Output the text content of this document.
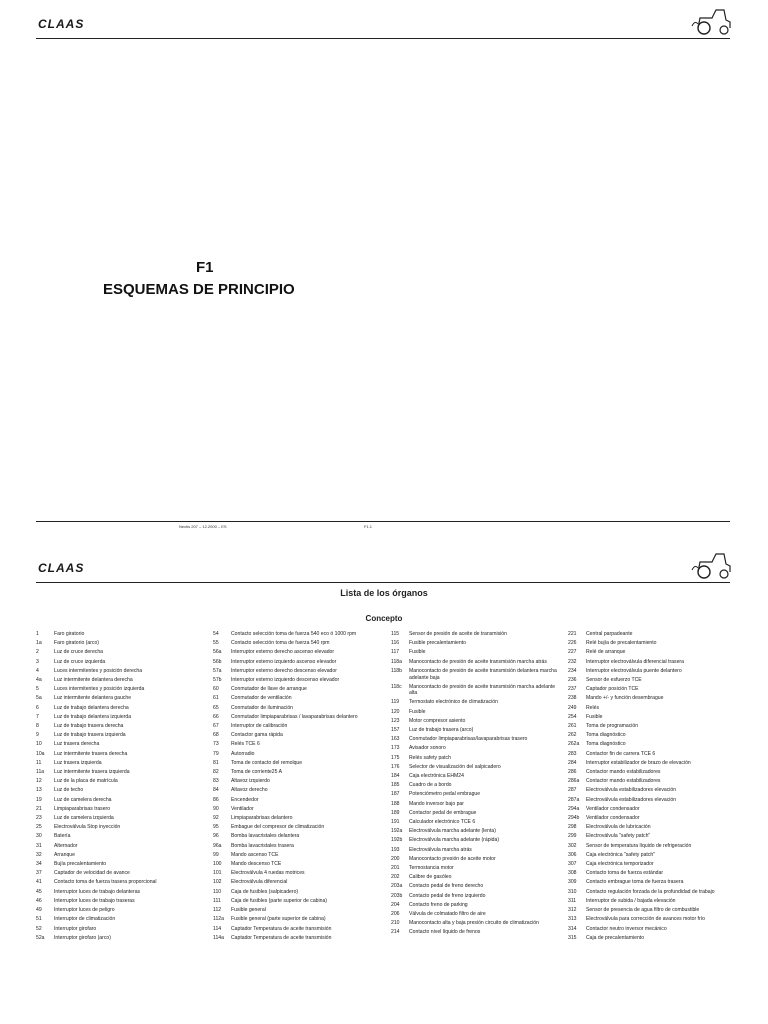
CLAAS
F1
ESQUEMAS DE PRINCIPIO
Nectis 207 – 12.2000 – ES	F1.1
CLAAS
Lista de los órganos
Concepto
1	Faro giratorio
1a	Faro giratorio (arco)
2	Luz de cruce derecha
3	Luz de cruce izquierda
4	Luces intermitentes y posición derecha
4a	Luz intermitente delantera derecha
5	Luces intermitentes y posición izquierda
5a	Luz intermitente delantera gauche
6	Luz de trabajo delantera derecha
7	Luz de trabajo delantera izquierda
8	Luz de trabajo trasera derecha
9	Luz de trabajo trasera izquierda
10	Luz trasera derecha
10a	Luz intermitente trasera derecha
11	Luz trasera izquierda
11a	Luz intermitente trasera izquierda
12	Luz de la placa de matrícula
13	Luz de techo
19	Luz de camelera derecha
21	Limpiaparabrisas trasero
23	Luz de camelera izquierda
25	Electroválvula Stop inyección
30	Batería
31	Alternador
32	Arranque
34	Bujía precalentamiento
37	Captador de velocidad de avance
41	Contacto toma de fuerza trasera proporcional
45	Interruptor luces de trabajo delanteras
46	Interruptor luces de trabajo traseras
49	Interruptor luces de peligro
51	Interruptor de climatización
52	Interruptor girofaro
52a	Interruptor girofaro (arco)
54	Contacto selección toma de fuerza 540 eco ó 1000 rpm
55	Contacto selección toma de fuerza 540 rpm
56a	Interruptor externo derecho ascenso elevador
56b	Interruptor externo izquierdo ascenso elevador
57a	Interruptor externo derecho descenso elevador
57b	Interruptor externo izquierdo descenso elevador
60	Conmutador de llave de arranque
61	Conmutador de ventilación
65	Conmutador de iluminación
66	Conmutador limpiaparabrisas / lavaparabrisas delantero
67	Interruptor de calibración
68	Contactor gama rápida
73	Relés TCE 6
79	Autorradio
81	Toma de contacto del remolque
82	Toma de corriente25 A
83	Altavoz izquierdo
84	Altavoz derecho
86	Encendedor
90	Ventilador
92	Limpiaparabrisas delantero
95	Embague del compresor de climatización
96	Bomba lavacristales delantera
96a	Bomba lavacristales trasera
99	Mando ascenso TCE
100	Mando descenso TCE
101	Electroválvula 4 ruedas motrices
102	Electroválvula diferencial
110	Caja de fusibles (salpicadero)
111	Caja de fusibles (parte superior de cabina)
112	Fusible general
112a	Fusible general (parte superior de cabina)
114	Captador Temperatura de aceite transmisión
114a	Captador Temperatura de aceite transmisión
115	Sensor de presión de aceite de transmisión
116	Fusible precalentamiento
117	Fusible
118a	Manocontacto de presión de aceite transmisión marcha atrás
118b	Manocontacto de presión de aceite transmisión delantera marcha adelante baja
118c	Manocontacto de presión de aceite transmisión marcha adelante alta
119	Termostato electrónico de climatización
120	Fusible
123	Motor compresor asiento
157	Luz de trabajo trasera (arco)
163	Conmutador limpiaparabrisas/lavaparabrisas trasero
173	Avisador sonoro
175	Relés safety patch
176	Selector de visualización del salpicadero
184	Caja electrónica EHM24
185	Cuadro de a bordo
187	Potenciómetro pedal embrague
188	Mando inversor bajo par
189	Contactor pedal de embrague
191	Calculador electrónico TCE 6
192a	Electroválvula marcha adelante (lenta)
192b	Electroválvula marcha adelante (rápida)
193	Electroválvula marcha atrás
200	Manocontacto presión de aceite motor
201	Termostancia motor
202	Calibre de gasóleo
203a	Contacto pedal de freno derecho
203b	Contacto pedal de freno izquierdo
204	Contacto freno de parking
206	Válvula de colmatado filtro de aire
210	Manocontacto alta y baja presión circuito de climatización
214	Contacto nivel líquido de frenos
221	Central parpadeante
226	Relé bujía de precalentamiento
227	Relé de arranque
232	Interruptor electroválvula diferencial trasera
234	Interruptor electroválvula puente delantero
236	Sensor de esfuerzo TCE
237	Captador posición TCE
238	Mando +/- y función desembrague
249	Relés
254	Fusible
261	Toma de programación
262	Toma diagnóstico
262a	Toma diagnóstico
283	Contactor fin de carrera TCE 6
284	Interruptor estabilizador de brazo de elevación
286	Contactor mando estabilizadores
286a	Contactor mando estabilizadores
287	Electroválvula estabilizadores elevación
287a	Electroválvula estabilizadores elevación
294a	Ventilador condensador
294b	Ventilador condensador
298	Electroválvula de lubricación
299	Electroválvula "safety patch"
302	Sensor de temperatura líquido de refrigeración
306	Caja electrónica "safety patch"
307	Caja electrónica temporizador
308	Contacto toma de fuerza estándar
309	Contacto embrague toma de fuerza trasera
310	Contacto regulación forzada de la profundidad de trabajo
311	Interruptor de subida / bajada elevación
312	Sensor de presencia de agua filtro de combustible
313	Electroválvula para corrección de avances motor frío
314	Contactor neutro inversor mecánico
315	Caja de precalentamiento
